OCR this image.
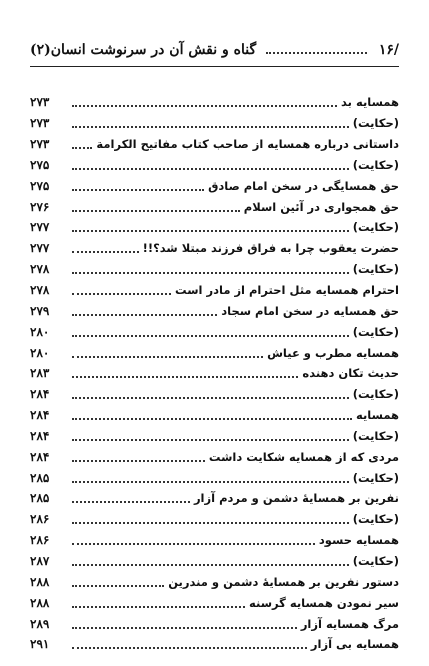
/۱۶
گناه و نقش آن در سرنوشت انسان(۲)
همسایه بد
۲۷۳
(حکایت)
۲۷۳
داستانی درباره همسایه از صاحب کتاب مفاتیح الکرامة
۲۷۳
(حکایت)
۲۷۵
حق همسایگی در سخن امام صادق
۲۷۵
حق همجواری در آئین اسلام
۲۷۶
(حکایت)
۲۷۷
حضرت یعقوب چرا به فراق فرزند مبتلا شد؟!!
۲۷۷
(حکایت)
۲۷۸
احترام همسایه مثل احترام از مادر است
۲۷۸
حق همسایه در سخن امام سجاد
۲۷۹
(حکایت)
۲۸۰
همسایه مطرب و عیاش
۲۸۰
حدیث تکان دهنده
۲۸۳
(حکایت)
۲۸۴
همسایه
۲۸۴
(حکایت)
۲۸۴
مردی که از همسایه شکایت داشت
۲۸۴
(حکایت)
۲۸۵
نفرین بر همسایهٔ دشمن و مردم آزار
۲۸۵
(حکایت)
۲۸۶
همسایه حسود
۲۸۶
(حکایت)
۲۸۷
دستور نفرین بر همسایهٔ دشمن و مندرین
۲۸۸
سیر نمودن همسایه گرسنه
۲۸۸
مرگ همسایه آزار
۲۸۹
همسایه بی آزار
۲۹۱
